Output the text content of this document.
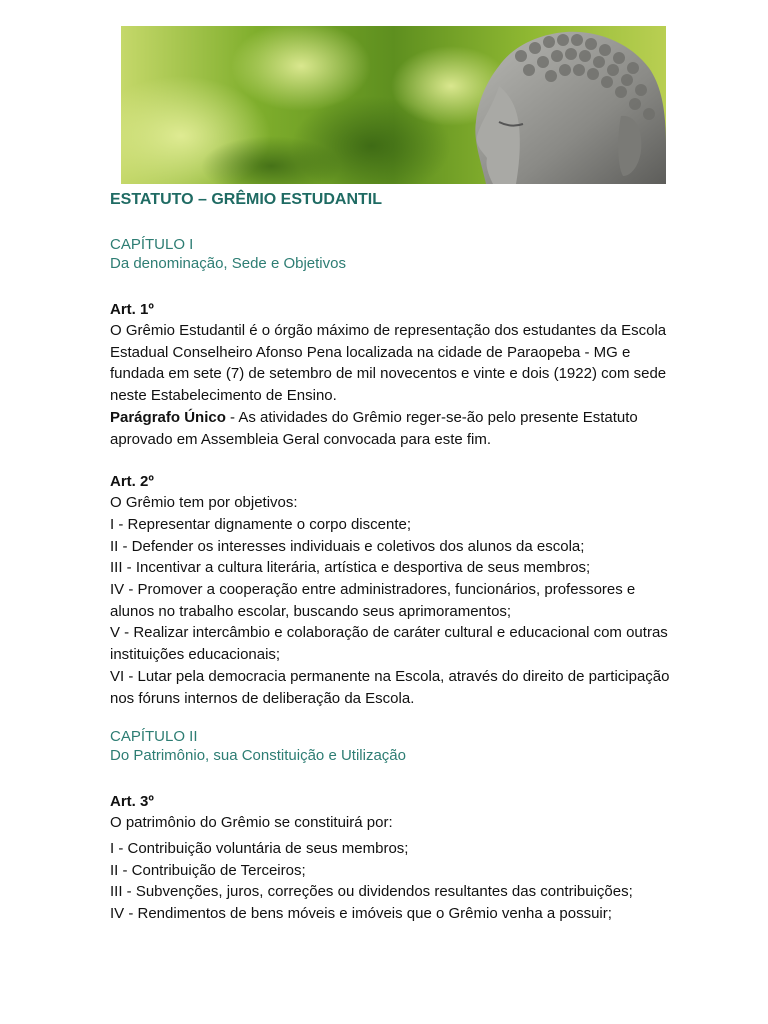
ESTATUTO – GRÊMIO ESTUDANTIL
CAPÍTULO I
Da denominação, Sede e Objetivos
Art. 1º

O Grêmio Estudantil é o órgão máximo de representação dos estudantes da Escola Estadual Conselheiro Afonso Pena localizada na cidade de Paraopeba - MG e fundada em sete (7) de setembro de mil novecentos e vinte e dois (1922) com sede neste Estabelecimento de Ensino.

Parágrafo Único - As atividades do Grêmio reger-se-ão pelo presente Estatuto aprovado em Assembleia Geral convocada para este fim.

Art. 2º

O Grêmio tem por objetivos:

I - Representar dignamente o corpo discente;

II - Defender os interesses individuais e coletivos dos alunos da escola;

III - Incentivar a cultura literária, artística e desportiva de seus membros;

IV - Promover a cooperação entre administradores, funcionários, professores e alunos no trabalho escolar, buscando seus aprimoramentos;

V - Realizar intercâmbio e colaboração de caráter cultural e educacional com outras instituições educacionais;

VI - Lutar pela democracia permanente na Escola, através do direito de participação nos fóruns internos de deliberação da Escola.

CAPÍTULO II
Do Patrimônio, sua Constituição e Utilização
Art. 3º

O patrimônio do Grêmio se constituirá por:

I - Contribuição voluntária de seus membros;

II - Contribuição de Terceiros;

III - Subvenções, juros, correções ou dividendos resultantes das contribuições;

IV - Rendimentos de bens móveis e imóveis que o Grêmio venha a possuir;
